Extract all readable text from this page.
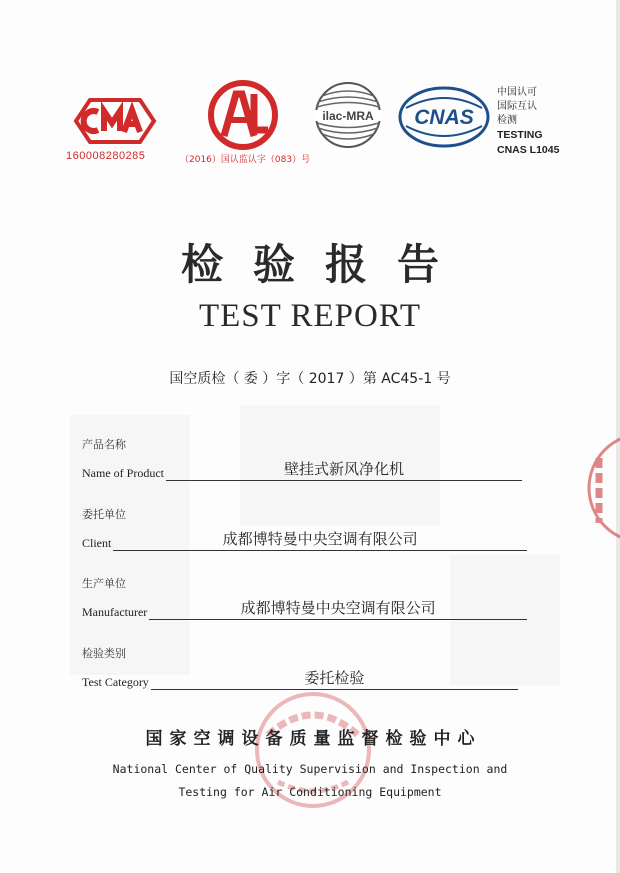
160008280285	（2016）国认监认字（083）号
ilac-MRA CNAS
中国认可
国际互认
检测
TESTING
CNAS L1045
检验报告
TEST REPORT
国空质检（ 委 ）字（ 2017 ）第 AC45-1 号
产品名称
Name of Product	壁挂式新风净化机
委托单位
Client	成都博特曼中央空调有限公司
生产单位
Manufacturer	成都博特曼中央空调有限公司
检验类别
Test Category	委托检验
国家空调设备质量监督检验中心
National Center of Quality Supervision and Inspection and
Testing for Air Conditioning Equipment
